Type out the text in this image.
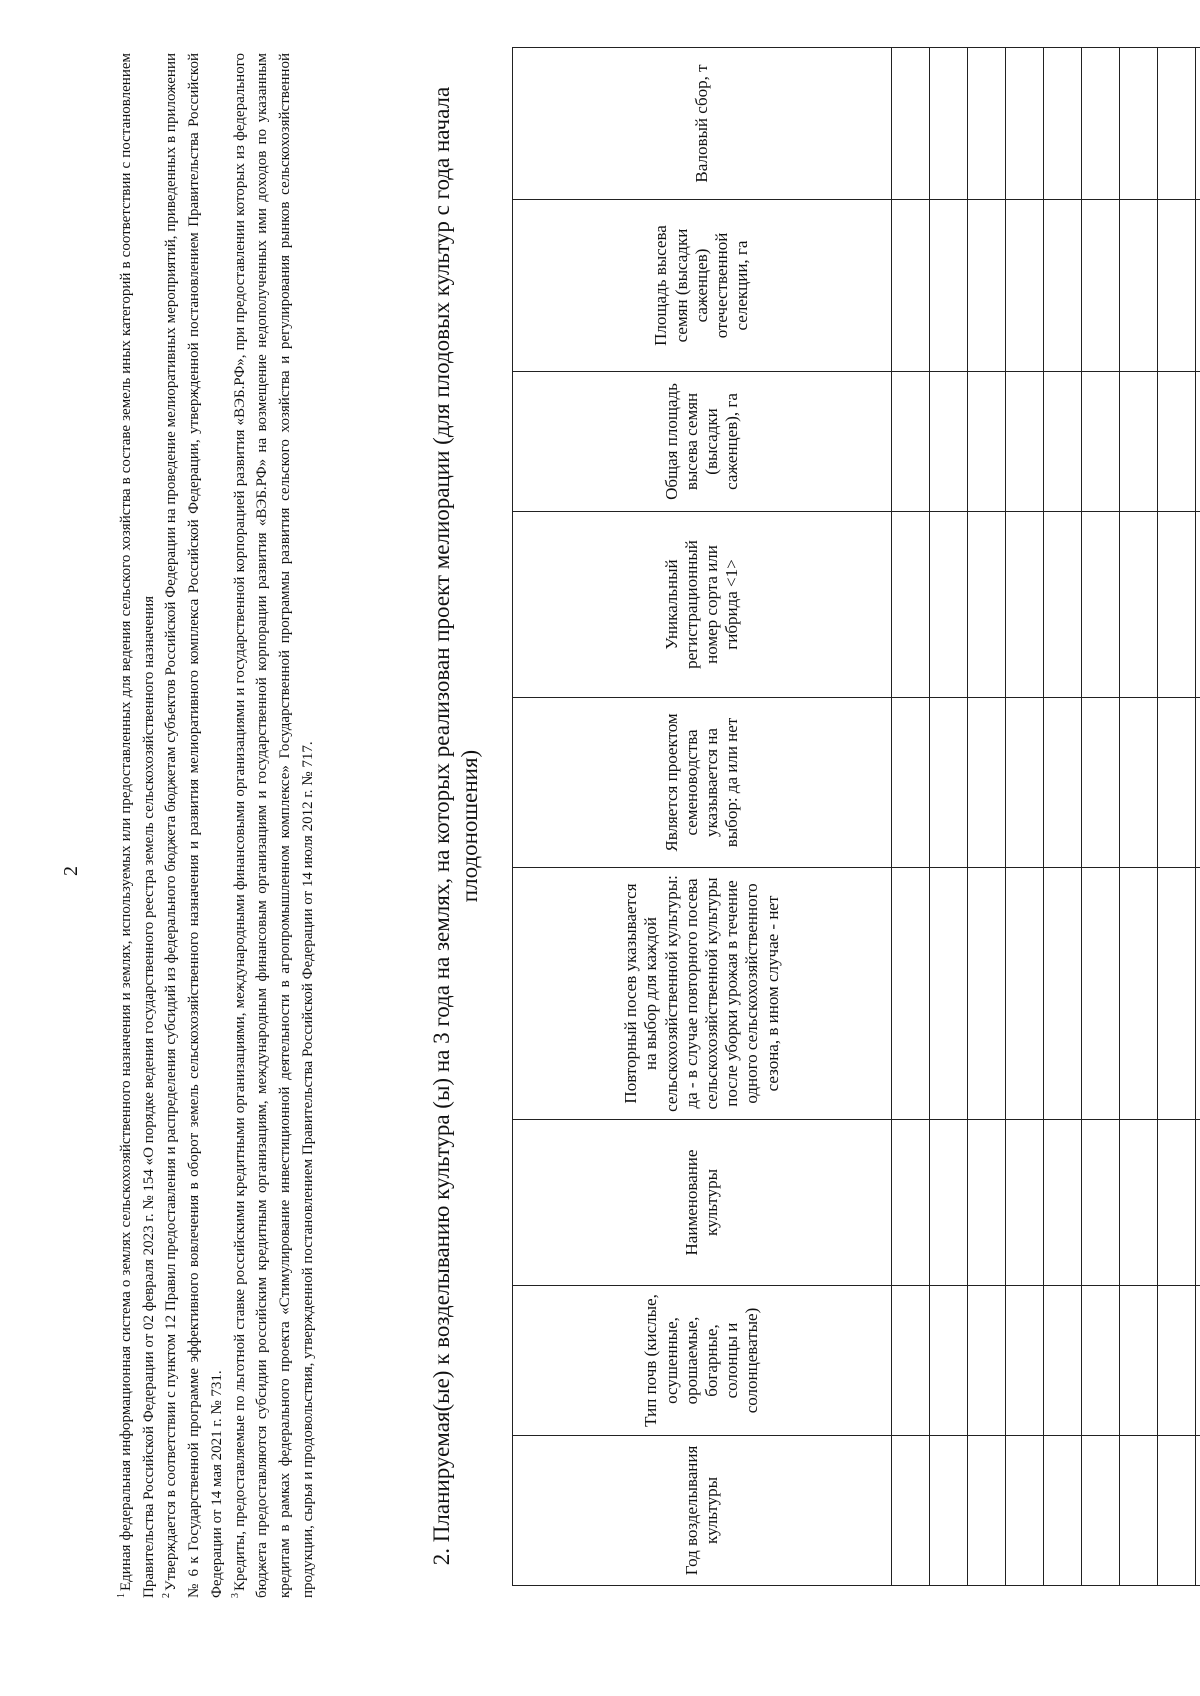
2

$^1$Единая федеральная информационная система о землях сельскохозяйственного назначения и землях, используемых или предоставленных для ведения сельского хозяйства в составе земель иных категорий в соответствии с постановлением Правительства Российской Федерации от 02 февраля 2023 г. № 154 «О порядке ведения государственного реестра земель сельскохозяйственного назначения $^2$Утверждается в соответствии с пунктом 12 Правил предоставления и распределения субсидий из федерального бюджета бюджетам субъектов Российской Федерации на проведение мелиоративных мероприятий, приведенных в приложении № 6 к Государственной программе эффективного вовлечения в оборот земель сельскохозяйственного назначения и развития мелиоративного комплекса Российской Федерации, утвержденной постановлением Правительства Российской Федерации от 14 мая 2021 г. № 731. $^3$Кредиты, предоставляемые по льготной ставке российскими кредитными организациями, международными финансовыми организациями и государственной корпорацией развития «ВЭБ.РФ», при предоставлении которых из федерального бюджета предоставляются субсидии российским кредитным организациям, международным финансовым организациям и государственной корпорации развития «ВЭБ.РФ» на возмещение недополученных ими доходов по указанным кредитам в рамках федерального проекта «Стимулирование инвестиционной деятельности в агропромышленном комплексе» Государственной программы развития сельского хозяйства и регулирования рынков сельскохозяйственной продукции, сырья и продовольствия, утвержденной постановлением Правительства Российской Федерации от 14 июля 2012 г. № 717.	2. Планируемая(ые) к возделыванию культура (ы) на 3 года на землях, на которых реализован проект мелиорации (для плодовых культур с года начала плодоношения)
Год возделывания культуры	Тип почв (кислые, осушенные, орошаемые, богарные, солонцы и солонцеватые)	Наименование культуры	Повторный посев указывается на выбор для каждой сельскохозяйственной культуры: да - в случае повторного посева сельскохозяйственной культуры после уборки урожая в течение одного сельскохозяйственного сезона, в ином случае - нет	Является проектом семеноводства указывается на выбор: да или нет	Уникальный регистрационный номер сорта или гибрида <1>	Общая площадь высева семян (высадки саженцев), га	Площадь высева семян (высадки саженцев) отечественной селекции, га	Валовый сбор, т
